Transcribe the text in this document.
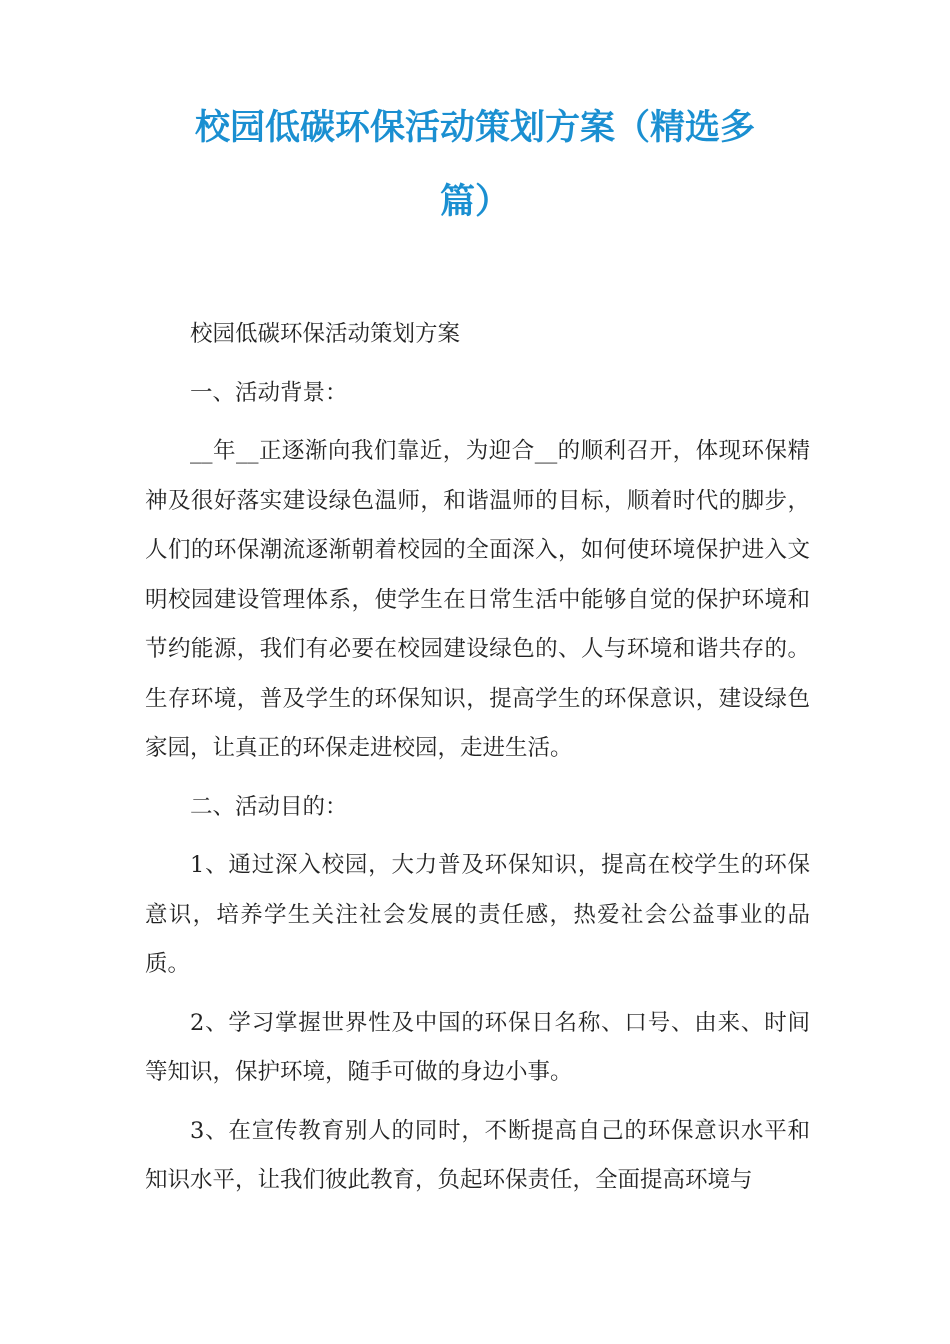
校园低碳环保活动策划方案（精选多
篇）

校园低碳环保活动策划方案

一、活动背景：

__年__正逐渐向我们靠近，为迎合__的顺利召开，体现环保精神及很好落实建设绿色温师，和谐温师的目标，顺着时代的脚步，人们的环保潮流逐渐朝着校园的全面深入，如何使环境保护进入文明校园建设管理体系，使学生在日常生活中能够自觉的保护环境和节约能源，我们有必要在校园建设绿色的、人与环境和谐共存的。生存环境，普及学生的环保知识，提高学生的环保意识，建设绿色家园，让真正的环保走进校园，走进生活。

二、活动目的：

1、通过深入校园，大力普及环保知识，提高在校学生的环保意识，培养学生关注社会发展的责任感，热爱社会公益事业的品质。

2、学习掌握世界性及中国的环保日名称、口号、由来、时间等知识，保护环境，随手可做的身边小事。

3、在宣传教育别人的同时，不断提高自己的环保意识水平和知识水平，让我们彼此教育，负起环保责任，全面提高环境与
